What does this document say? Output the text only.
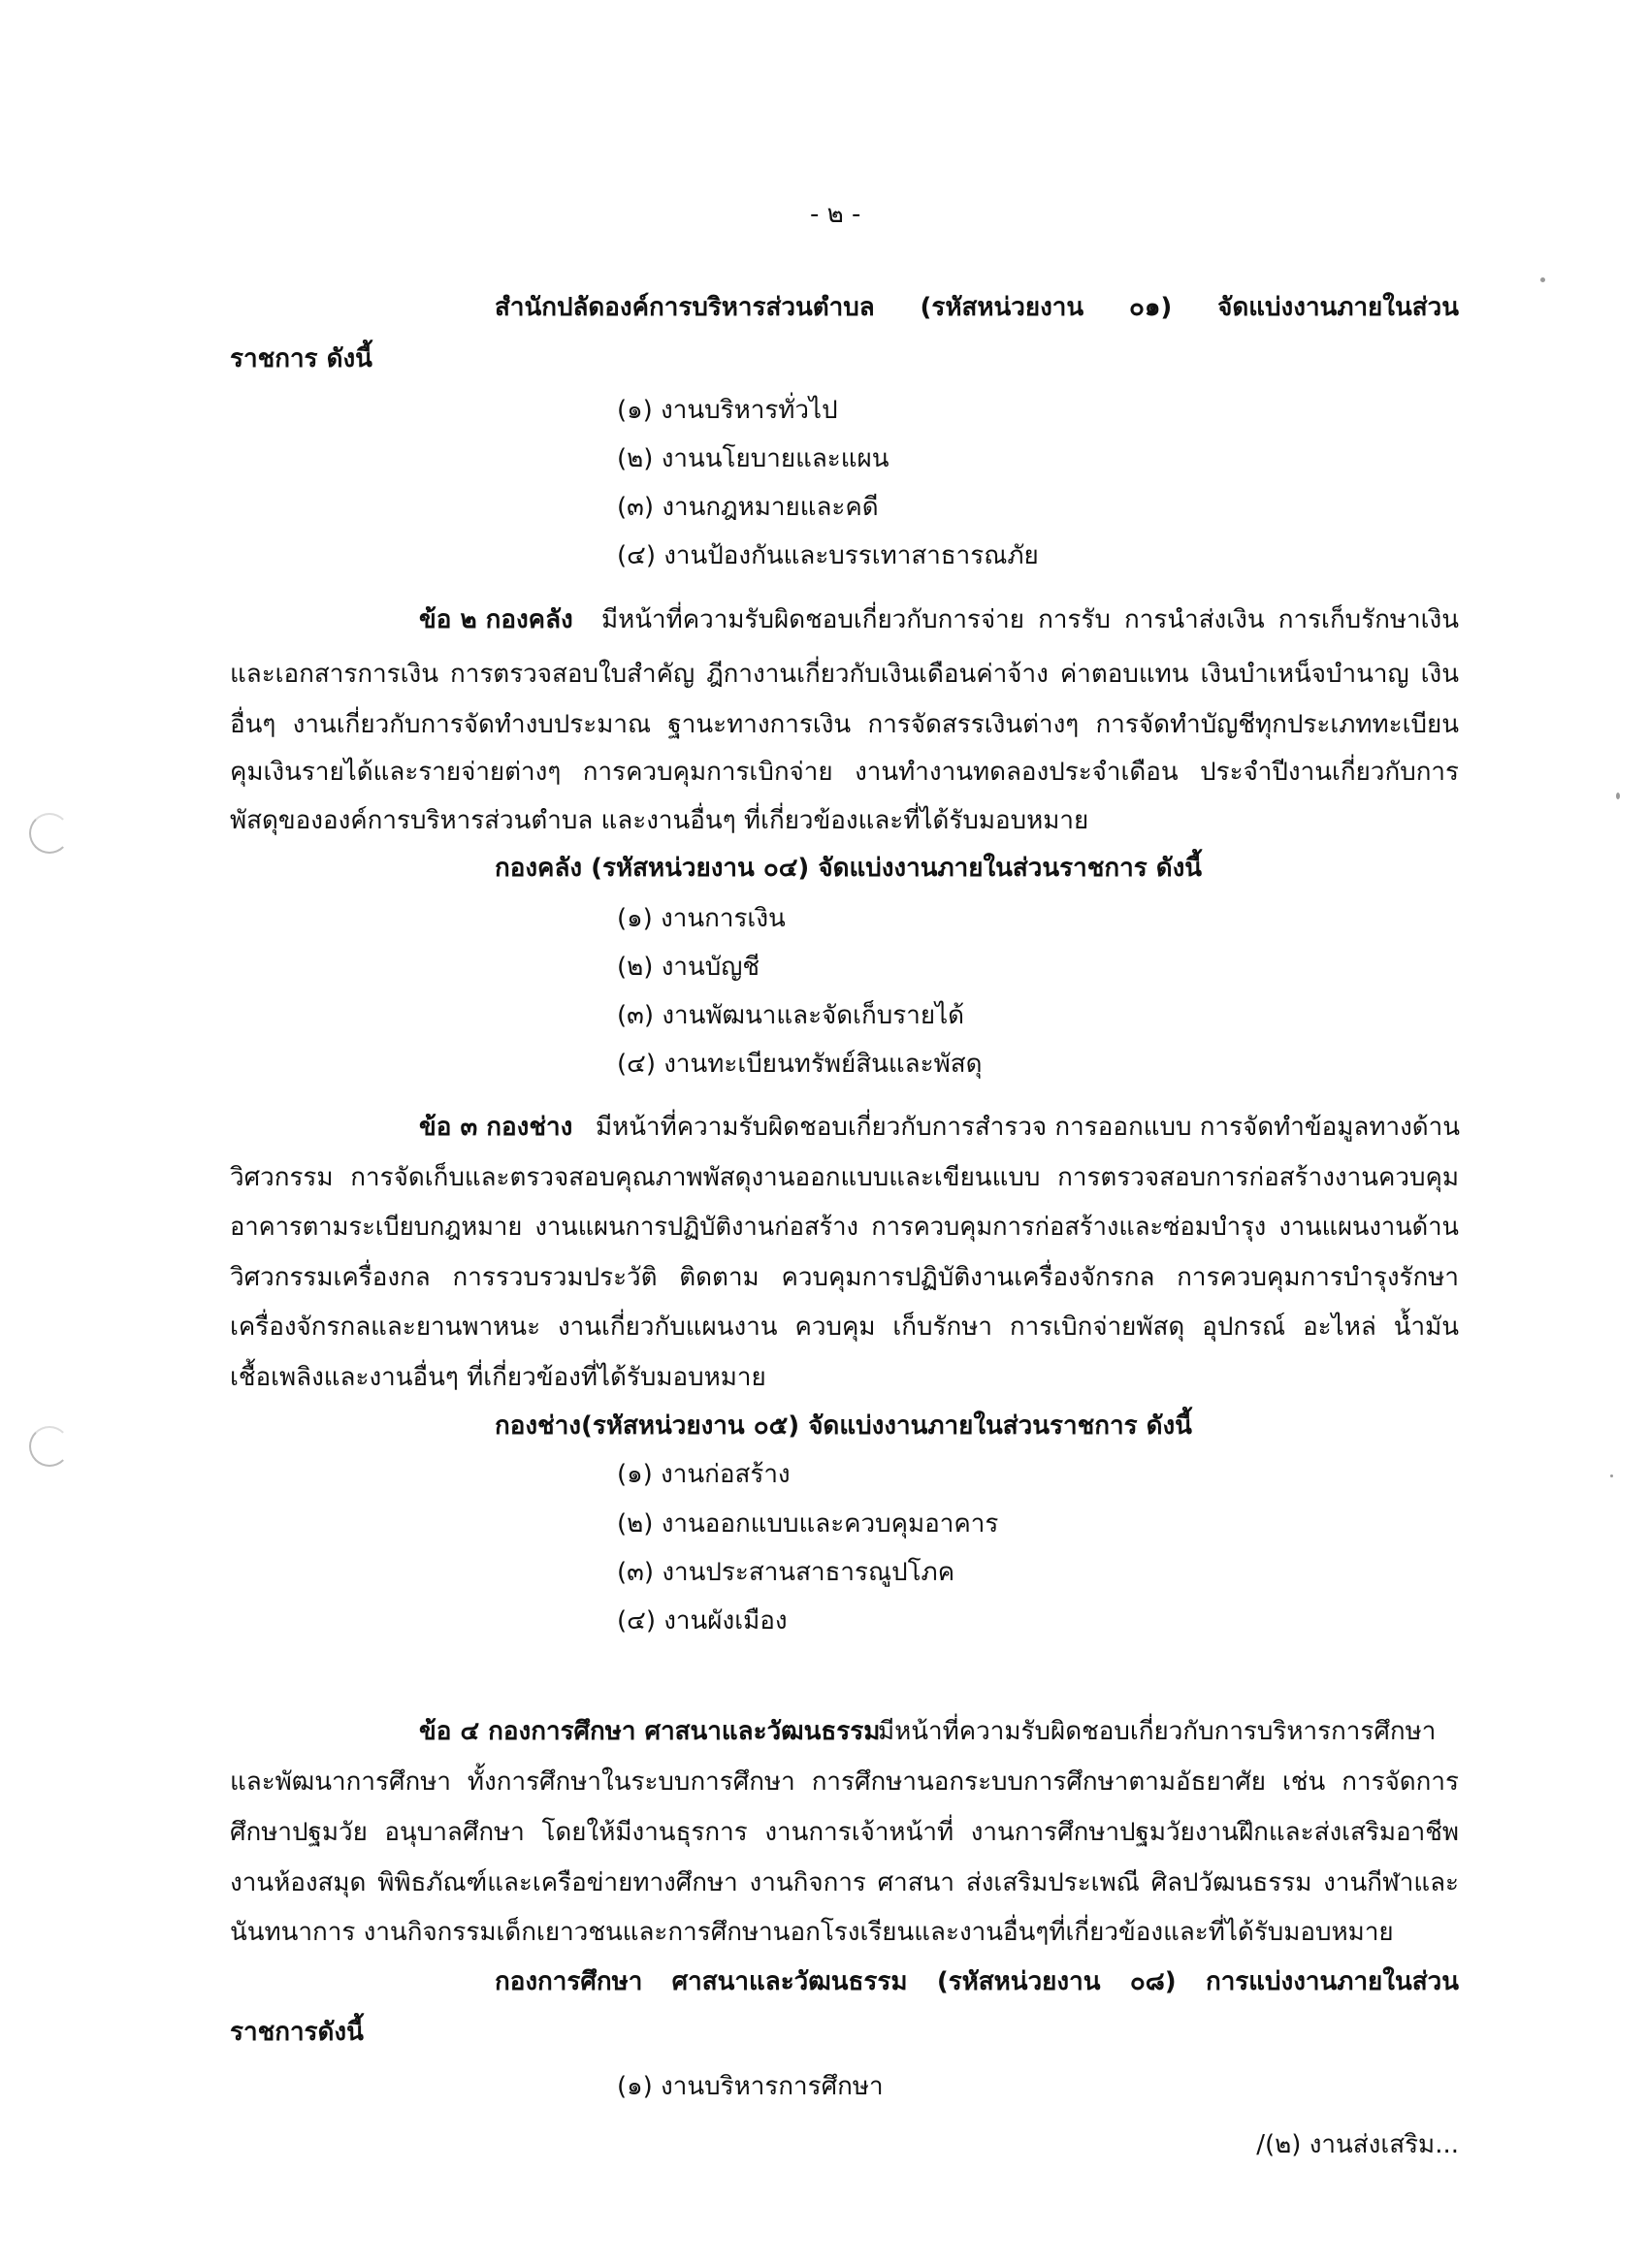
- ๒ -
สำนักปลัดองค์การบริหารส่วนตำบล (รหัสหน่วยงาน ๐๑) จัดแบ่งงานภายในส่วน
ราชการ ดังนี้
(๑) งานบริหารทั่วไป
(๒) งานนโยบายและแผน
(๓) งานกฎหมายและคดี
(๔) งานป้องกันและบรรเทาสาธารณภัย
ข้อ ๒ กองคลัง มีหน้าที่ความรับผิดชอบเกี่ยวกับการจ่าย การรับ การนำส่งเงิน การเก็บรักษาเงิน
และเอกสารการเงิน การตรวจสอบใบสำคัญ ฎีกางานเกี่ยวกับเงินเดือนค่าจ้าง ค่าตอบแทน เงินบำเหน็จบำนาญ เงิน
อื่นๆ งานเกี่ยวกับการจัดทำงบประมาณ ฐานะทางการเงิน การจัดสรรเงินต่างๆ การจัดทำบัญชีทุกประเภททะเบียน
คุมเงินรายได้และรายจ่ายต่างๆ การควบคุมการเบิกจ่าย งานทำงานทดลองประจำเดือน ประจำปีงานเกี่ยวกับการ
พัสดุขององค์การบริหารส่วนตำบล และงานอื่นๆ ที่เกี่ยวข้องและที่ได้รับมอบหมาย
กองคลัง (รหัสหน่วยงาน ๐๔) จัดแบ่งงานภายในส่วนราชการ ดังนี้
(๑) งานการเงิน
(๒) งานบัญชี
(๓) งานพัฒนาและจัดเก็บรายได้
(๔) งานทะเบียนทรัพย์สินและพัสดุ
ข้อ ๓ กองช่าง มีหน้าที่ความรับผิดชอบเกี่ยวกับการสำรวจ การออกแบบ การจัดทำข้อมูลทางด้าน
วิศวกรรม การจัดเก็บและตรวจสอบคุณภาพพัสดุงานออกแบบและเขียนแบบ การตรวจสอบการก่อสร้างงานควบคุม
อาคารตามระเบียบกฎหมาย งานแผนการปฏิบัติงานก่อสร้าง การควบคุมการก่อสร้างและซ่อมบำรุง งานแผนงานด้าน
วิศวกรรมเครื่องกล การรวบรวมประวัติ ติดตาม ควบคุมการปฏิบัติงานเครื่องจักรกล การควบคุมการบำรุงรักษา
เครื่องจักรกลและยานพาหนะ งานเกี่ยวกับแผนงาน ควบคุม เก็บรักษา การเบิกจ่ายพัสดุ อุปกรณ์ อะไหล่ น้ำมัน
เชื้อเพลิงและงานอื่นๆ ที่เกี่ยวข้องที่ได้รับมอบหมาย
กองช่าง(รหัสหน่วยงาน ๐๕) จัดแบ่งงานภายในส่วนราชการ ดังนี้
(๑) งานก่อสร้าง
(๒) งานออกแบบและควบคุมอาคาร
(๓) งานประสานสาธารณูปโภค
(๔) งานผังเมือง
ข้อ ๔ กองการศึกษา ศาสนาและวัฒนธรรม
มีหน้าที่ความรับผิดชอบเกี่ยวกับการบริหารการศึกษา
และพัฒนาการศึกษา ทั้งการศึกษาในระบบการศึกษา การศึกษานอกระบบการศึกษาตามอัธยาศัย เช่น การจัดการ
ศึกษาปฐมวัย อนุบาลศึกษา โดยให้มีงานธุรการ งานการเจ้าหน้าที่ งานการศึกษาปฐมวัยงานฝึกและส่งเสริมอาชีพ
งานห้องสมุด พิพิธภัณฑ์และเครือข่ายทางศึกษา งานกิจการ ศาสนา ส่งเสริมประเพณี ศิลปวัฒนธรรม งานกีฬาและ
นันทนาการ งานกิจกรรมเด็กเยาวชนและการศึกษานอกโรงเรียนและงานอื่นๆที่เกี่ยวข้องและที่ได้รับมอบหมาย
กองการศึกษา ศาสนาและวัฒนธรรม (รหัสหน่วยงาน ๐๘) การแบ่งงานภายในส่วน
ราชการดังนี้
(๑) งานบริหารการศึกษา
/(๒) งานส่งเสริม...
